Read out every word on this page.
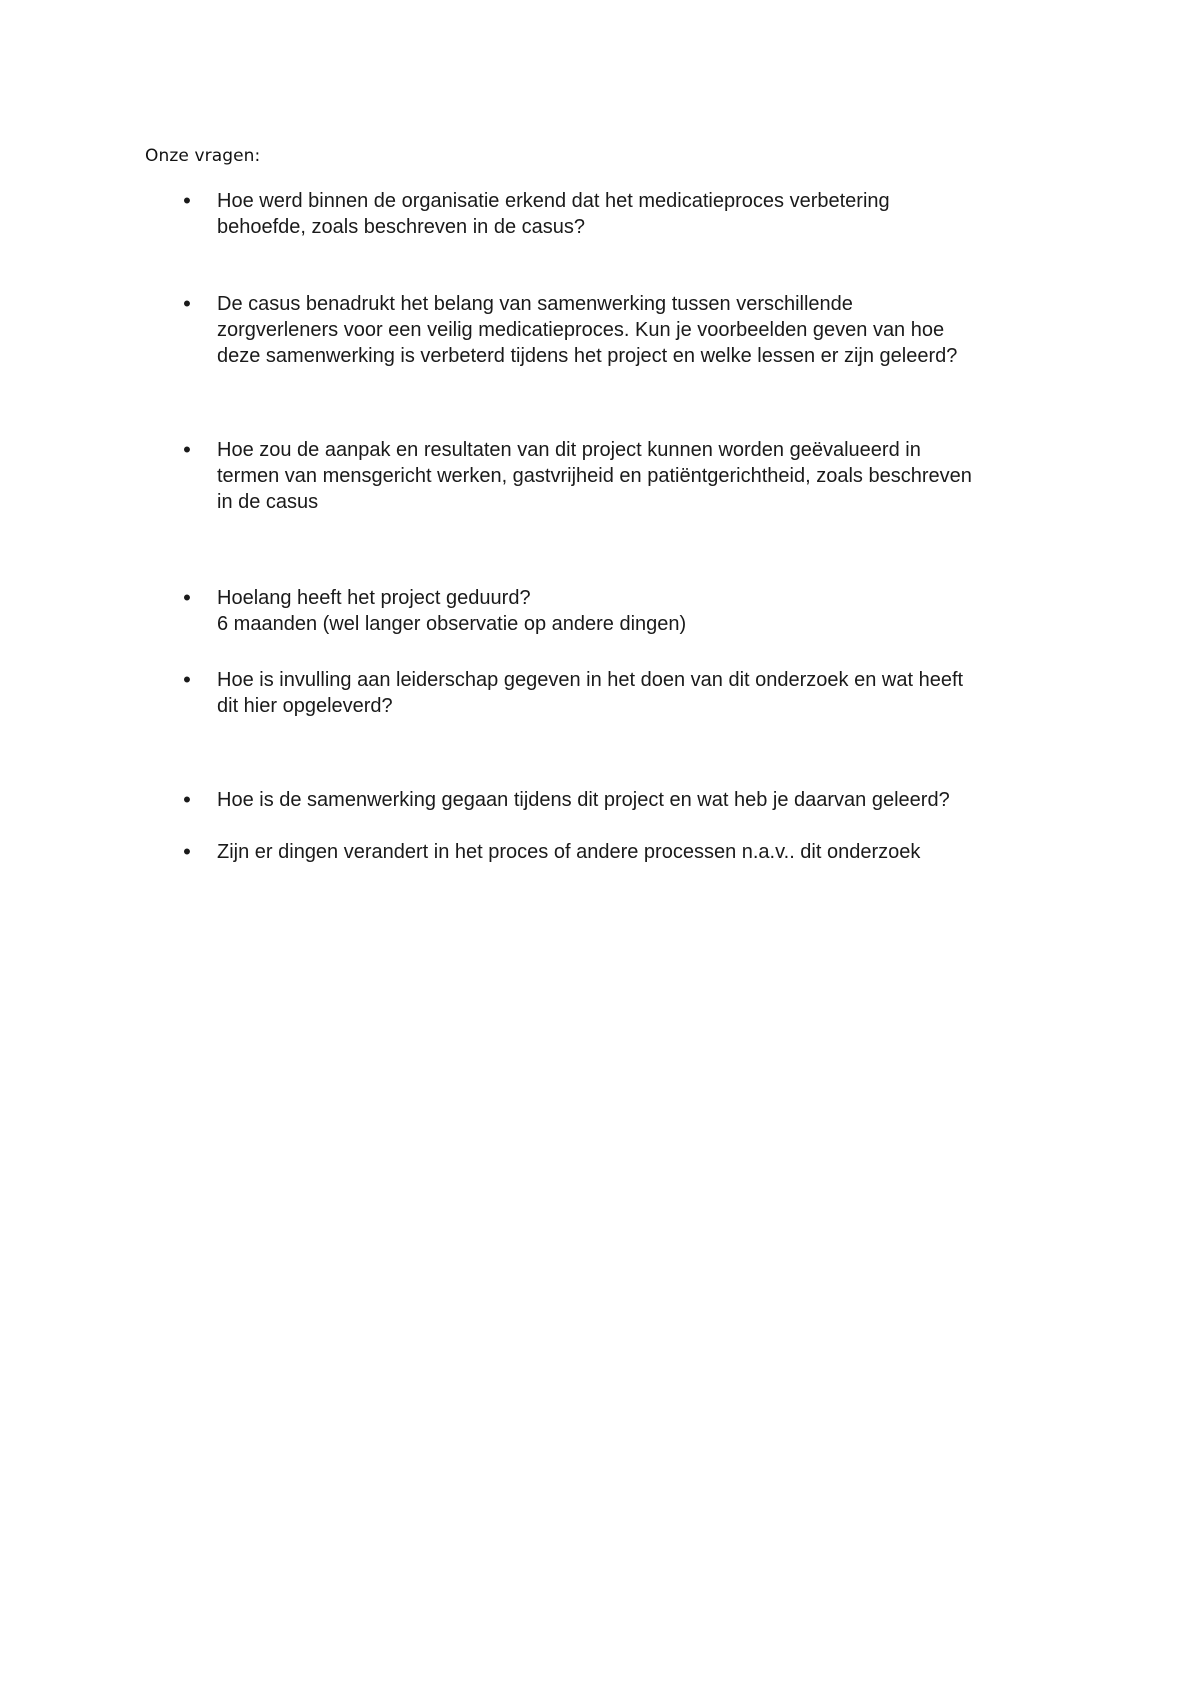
Onze vragen:
• Hoe werd binnen de organisatie erkend dat het medicatieproces verbetering
behoefde, zoals beschreven in de casus?
• De casus benadrukt het belang van samenwerking tussen verschillende
zorgverleners voor een veilig medicatieproces. Kun je voorbeelden geven van hoe
deze samenwerking is verbeterd tijdens het project en welke lessen er zijn geleerd?
• Hoe zou de aanpak en resultaten van dit project kunnen worden geëvalueerd in
termen van mensgericht werken, gastvrijheid en patiëntgerichtheid, zoals beschreven
in de casus
• Hoelang heeft het project geduurd?
6 maanden (wel langer observatie op andere dingen)
• Hoe is invulling aan leiderschap gegeven in het doen van dit onderzoek en wat heeft
dit hier opgeleverd?
• Hoe is de samenwerking gegaan tijdens dit project en wat heb je daarvan geleerd?
• Zijn er dingen verandert in het proces of andere processen n.a.v.. dit onderzoek
